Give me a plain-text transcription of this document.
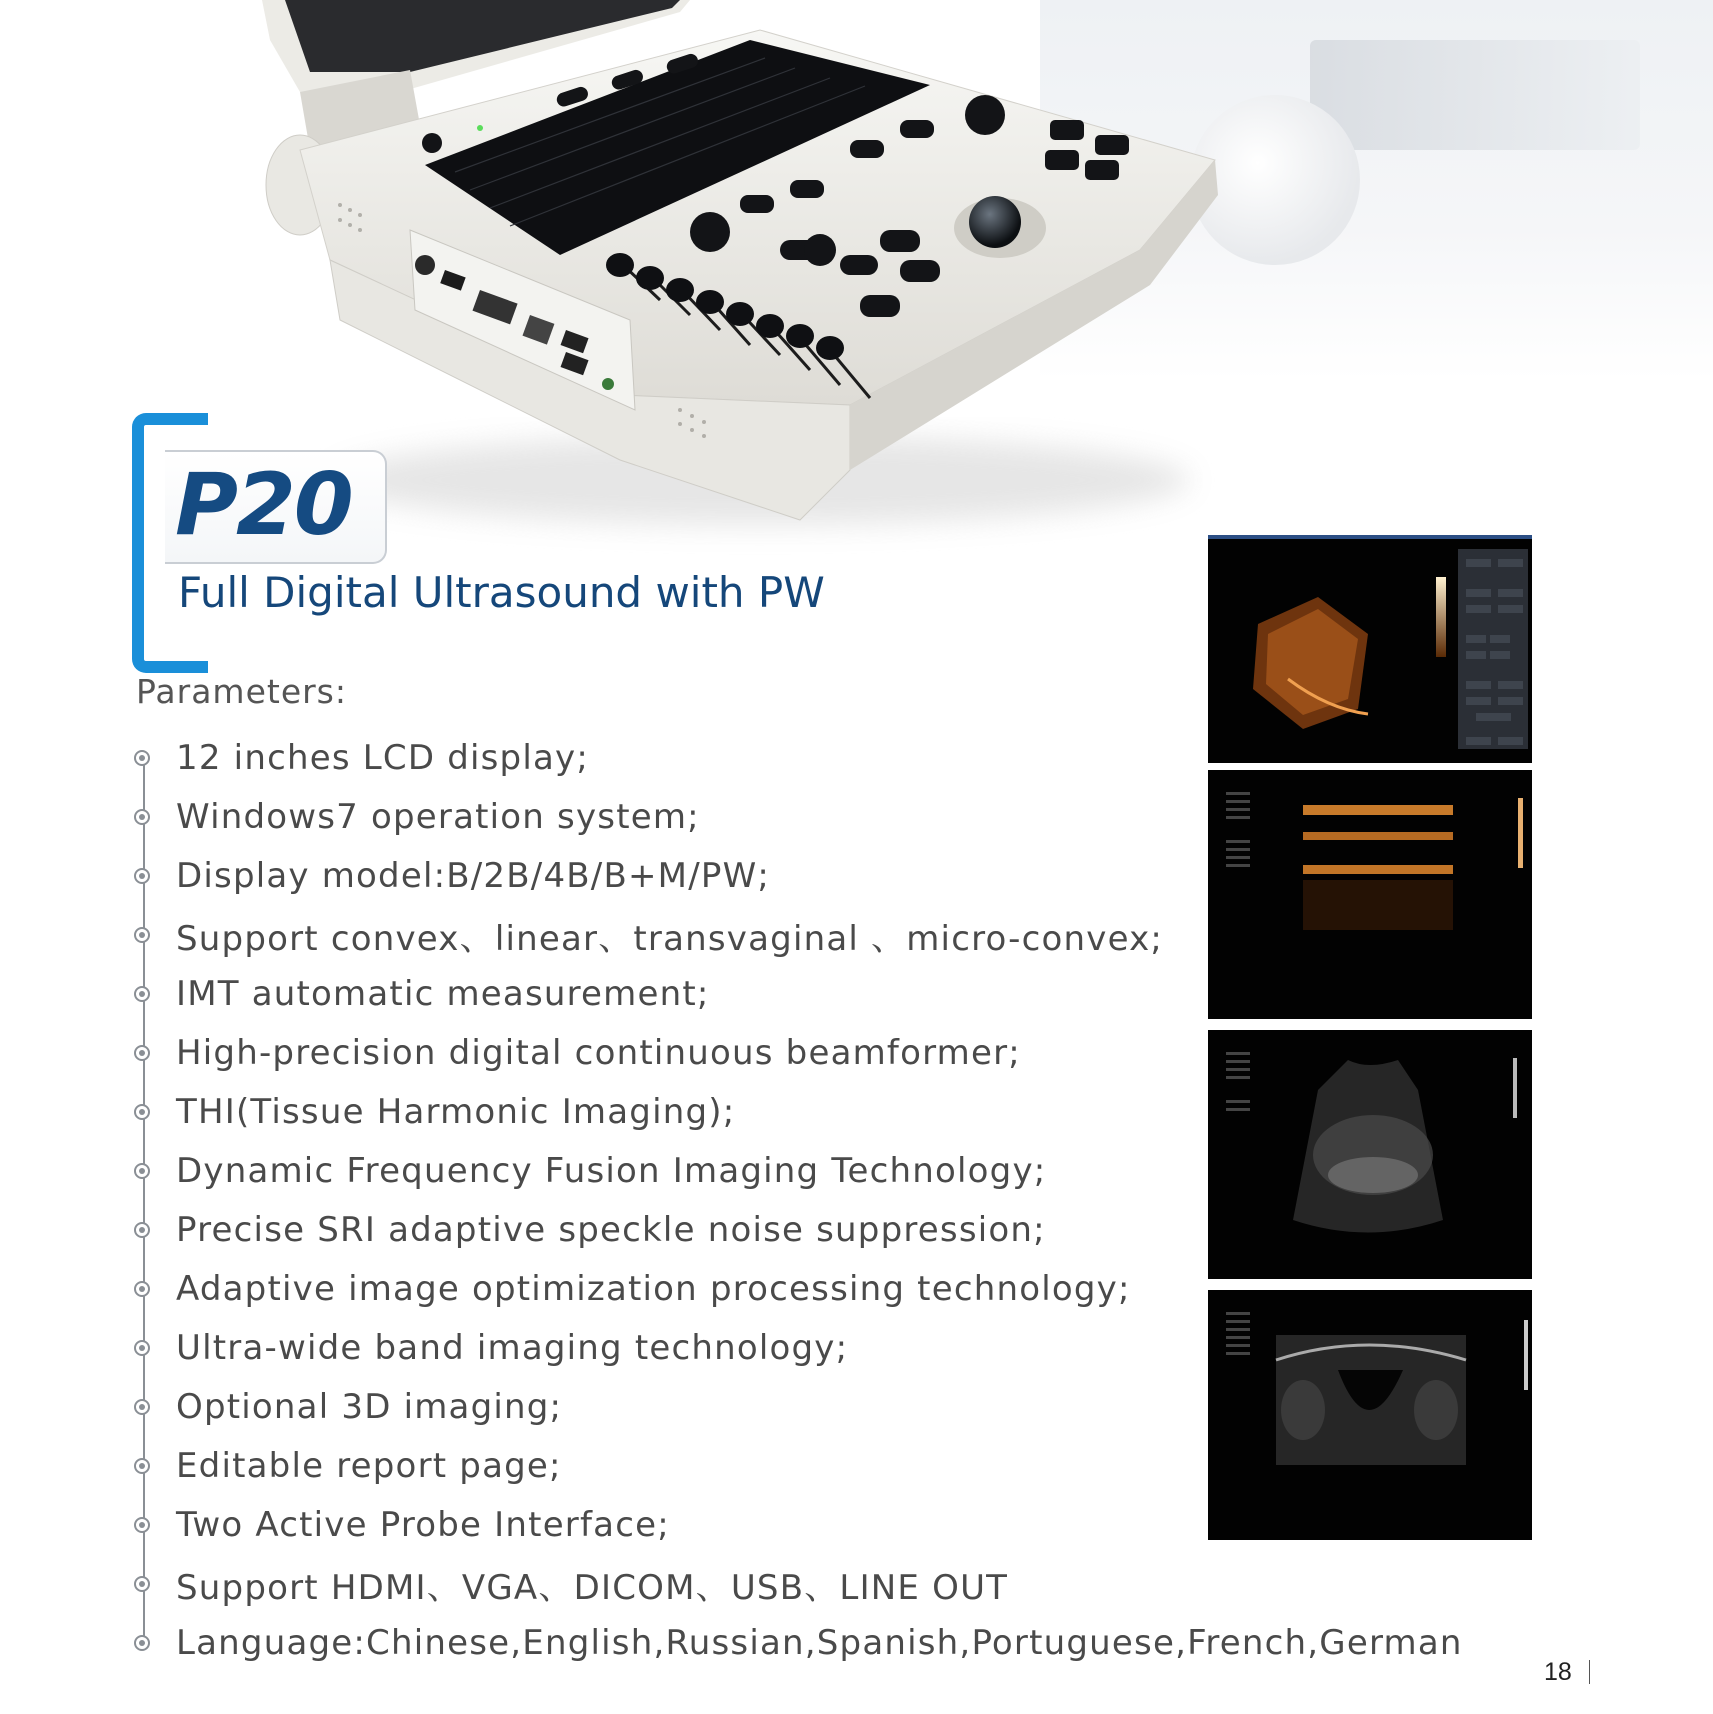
P20
Full Digital Ultrasound with PW
Parameters:
12 inches LCD display;
Windows7 operation system;
Display model:B/2B/4B/B+M/PW;
Support convex、linear、transvaginal 、micro-convex;
IMT automatic measurement;
High-precision digital continuous beamformer;
THI(Tissue Harmonic Imaging);
Dynamic Frequency Fusion Imaging Technology;
Precise SRI adaptive speckle noise suppression;
Adaptive image optimization processing technology;
Ultra-wide band imaging technology;
Optional 3D imaging;
Editable report page;
Two Active Probe Interface;
Support HDMI、VGA、DICOM、USB、LINE OUT
Language:Chinese,English,Russian,Spanish,Portuguese,French,German
18
